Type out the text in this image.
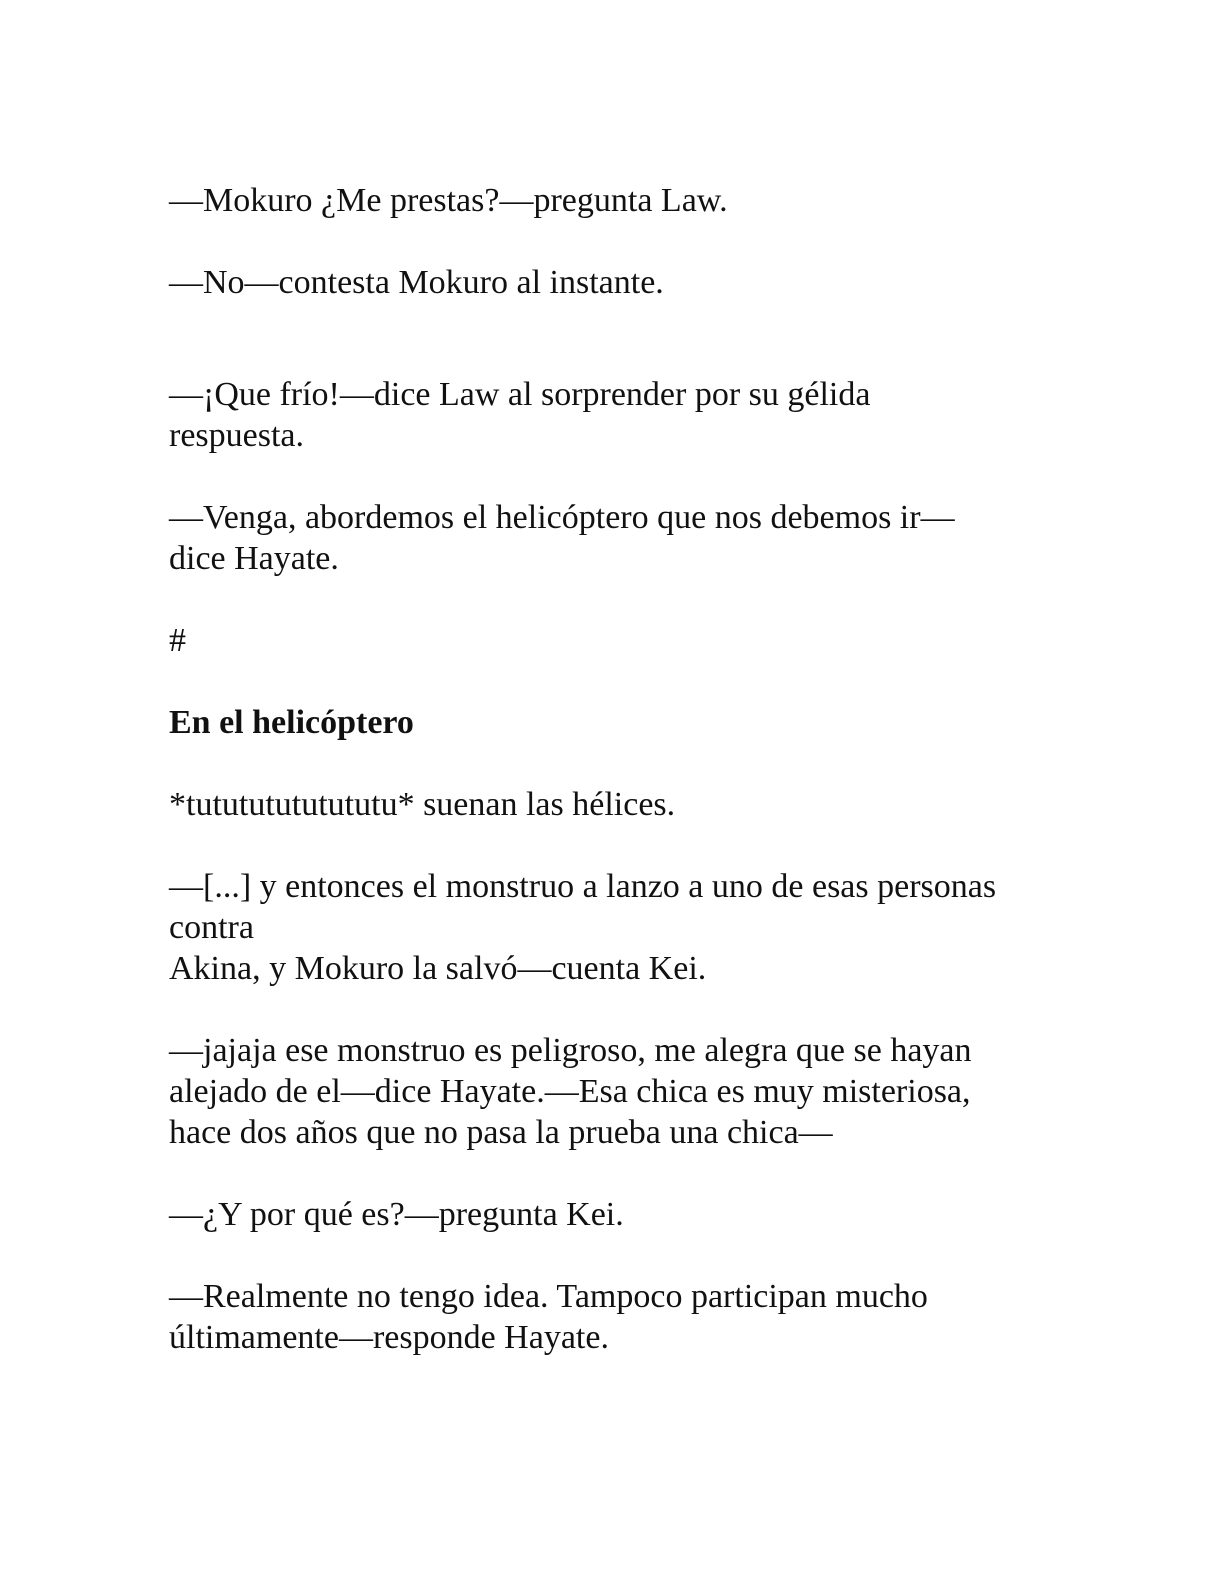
—Mokuro ¿Me prestas?—pregunta Law.

—No—contesta Mokuro al instante.

—¡Que frío!—dice Law al sorprender por su gélida
respuesta.

—Venga, abordemos el helicóptero que nos debemos ir—
dice Hayate.

#

En el helicóptero

*tutututututututu* suenan las hélices.

—[...] y entonces el monstruo a lanzo a uno de esas personas
contra
Akina, y Mokuro la salvó—cuenta Kei.

—jajaja ese monstruo es peligroso, me alegra que se hayan
alejado de el—dice Hayate.—Esa chica es muy misteriosa,
hace dos años que no pasa la prueba una chica—

—¿Y por qué es?—pregunta Kei.

—Realmente no tengo idea. Tampoco participan mucho
últimamente—responde Hayate.
